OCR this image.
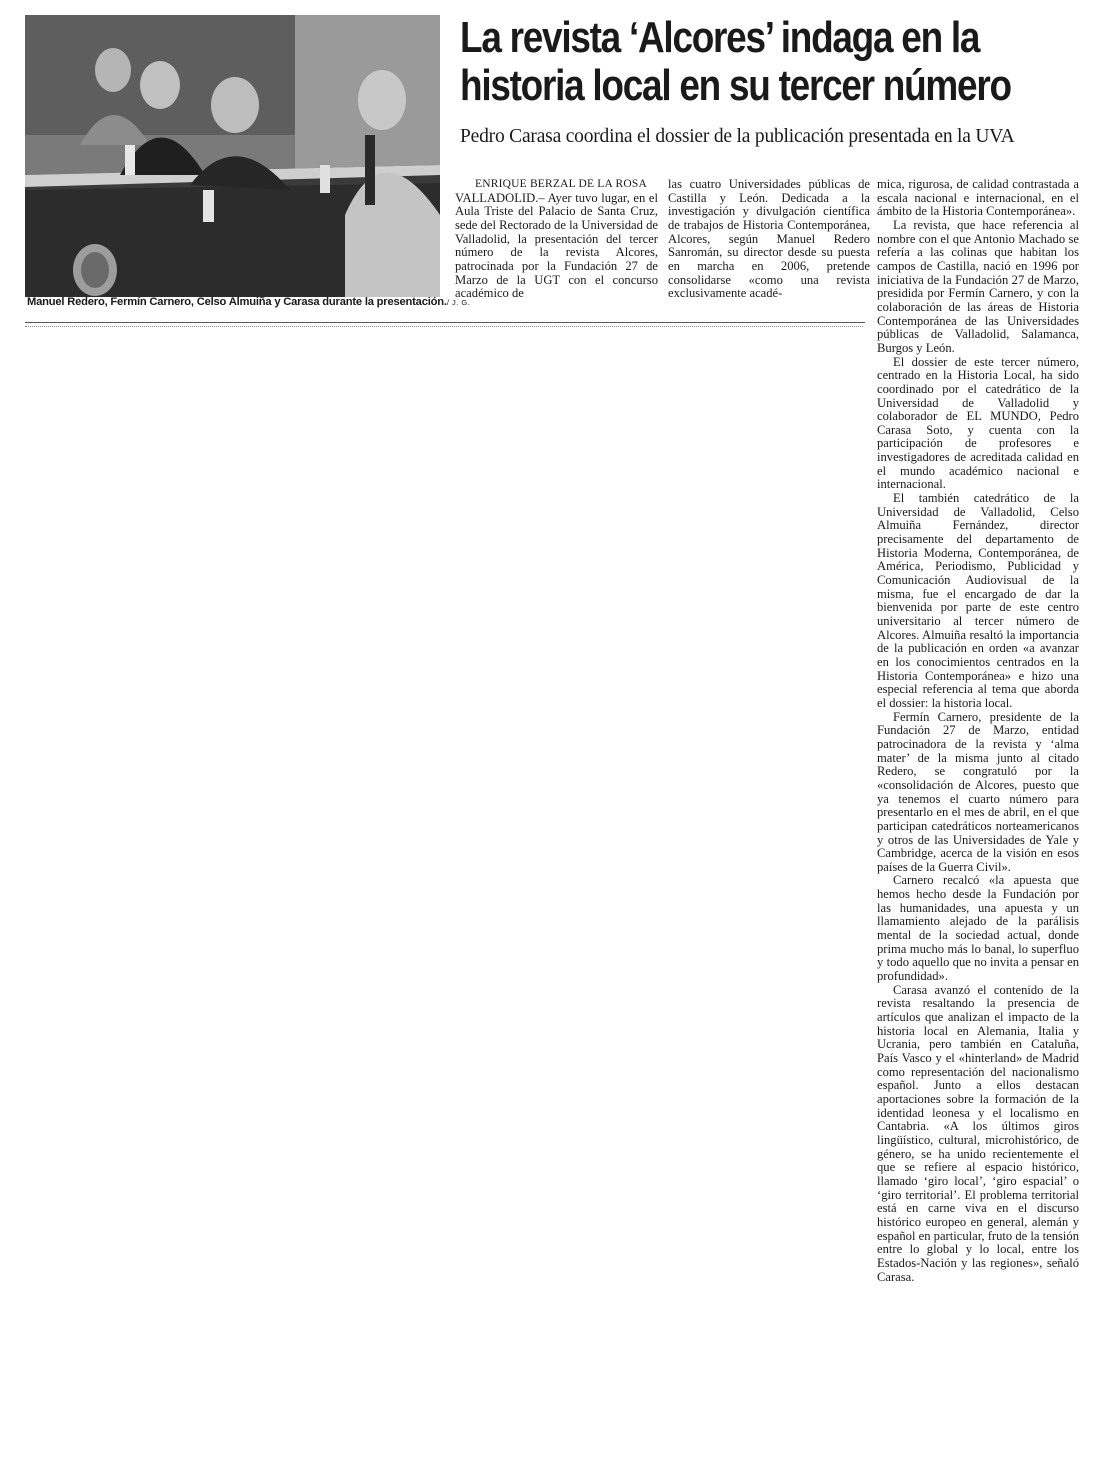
Manuel Redero, Fermín Carnero, Celso Almuiña y Carasa durante la presentación./ J. G.
La revista ‘Alcores’ indaga en la
historia local en su tercer número
Pedro Carasa coordina el dossier de la publicación presentada en la UVA

ENRIQUE BERZAL DE LA ROSA

VALLADOLID.– Ayer tuvo lugar, en el Aula Triste del Palacio de Santa Cruz, sede del Rectorado de la Universidad de Valladolid, la presentación del tercer número de la revista Alcores, patrocinada por la Fundación 27 de Marzo de la UGT con el concurso académico de

las cuatro Universidades públicas de Castilla y León. Dedicada a la investigación y divulgación científica de trabajos de Historia Contemporánea, Alcores, según Manuel Redero Sanromán, su director desde su puesta en marcha en 2006, pretende consolidarse «como una revista exclusivamente acadé-

mica, rigurosa, de calidad contrastada a escala nacional e internacional, en el ámbito de la Historia Contemporánea».

La revista, que hace referencia al nombre con el que Antonio Machado se refería a las colinas que habitan los campos de Castilla, nació en 1996 por iniciativa de la Fundación 27 de Marzo, presidida por Fermín Carnero, y con la colaboración de las áreas de Historia Contemporánea de las Universidades públicas de Valladolid, Salamanca, Burgos y León.

El dossier de este tercer número, centrado en la Historia Local, ha sido coordinado por el catedrático de la Universidad de Valladolid y colaborador de EL MUNDO, Pedro Carasa Soto, y cuenta con la participación de profesores e investigadores de acreditada calidad en el mundo académico nacional e internacional.

El también catedrático de la Universidad de Valladolid, Celso Almuiña Fernández, director precisamente del departamento de Historia Moderna, Contemporánea, de América, Periodismo, Publicidad y Comunicación Audiovisual de la misma, fue el encargado de dar la bienvenida por parte de este centro universitario al tercer número de Alcores. Almuiña resaltó la importancia de la publicación en orden «a avanzar en los conocimientos centrados en la Historia Contemporánea» e hizo una especial referencia al tema que aborda el dossier: la historia local.

Fermín Carnero, presidente de la Fundación 27 de Marzo, entidad patrocinadora de la revista y ‘alma mater’ de la misma junto al citado Redero, se congratuló por la «consolidación de Alcores, puesto que ya tenemos el cuarto número para presentarlo en el mes de abril, en el que participan catedráticos norteamericanos y otros de las Universidades de Yale y Cambridge, acerca de la visión en esos países de la Guerra Civil».

Carnero recalcó «la apuesta que hemos hecho desde la Fundación por las humanidades, una apuesta y un llamamiento alejado de la parálisis mental de la sociedad actual, donde prima mucho más lo banal, lo superfluo y todo aquello que no invita a pensar en profundidad».

Carasa avanzó el contenido de la revista resaltando la presencia de artículos que analizan el impacto de la historia local en Alemania, Italia y Ucrania, pero también en Cataluña, País Vasco y el «hinterland» de Madrid como representación del nacionalismo español. Junto a ellos destacan aportaciones sobre la formación de la identidad leonesa y el localismo en Cantabria. «A los últimos giros lingüístico, cultural, microhistórico, de género, se ha unido recientemente el que se refiere al espacio histórico, llamado ‘giro local’, ‘giro espacial’ o ‘giro territorial’. El problema territorial está en carne viva en el discurso histórico europeo en general, alemán y español en particular, fruto de la tensión entre lo global y lo local, entre los Estados-Nación y las regiones», señaló Carasa.
